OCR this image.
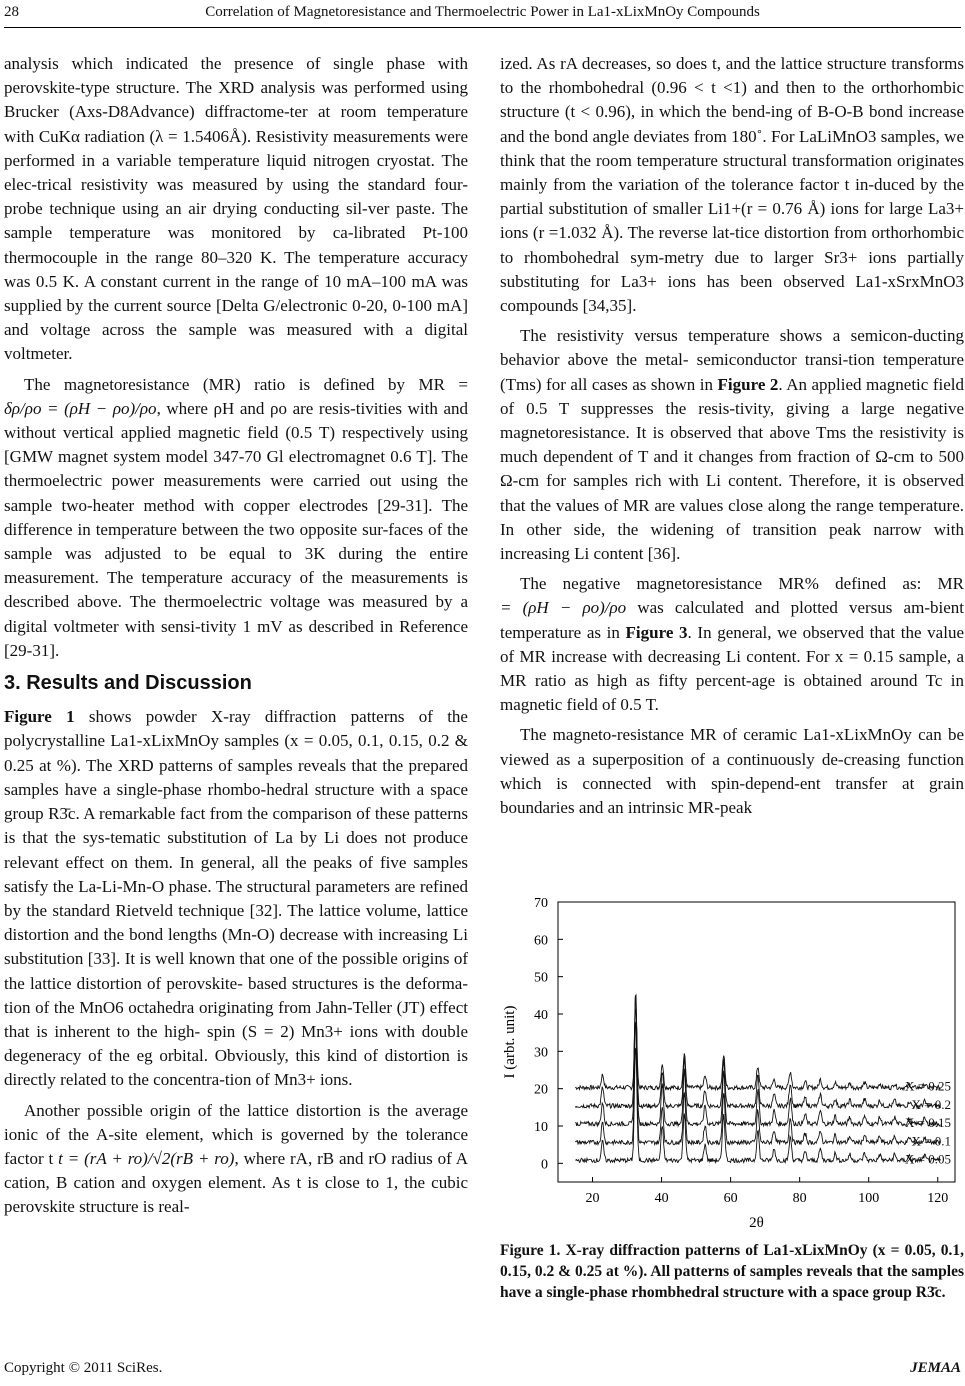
28	Correlation of Magnetoresistance and Thermoelectric Power in La1-xLixMnOy Compounds

analysis which indicated the presence of single phase with perovskite-type structure. The XRD analysis was performed using Brucker (Axs-D8Advance) diffractome-ter at room temperature with CuKα radiation (λ = 1.5406Å). Resistivity measurements were performed in a variable temperature liquid nitrogen cryostat. The elec-trical resistivity was measured by using the standard four-probe technique using an air drying conducting sil-ver paste. The sample temperature was monitored by ca-librated Pt-100 thermocouple in the range 80–320 K. The temperature accuracy was 0.5 K. A constant current in the range of 10 mA–100 mA was supplied by the current source [Delta G/electronic 0-20, 0-100 mA] and voltage across the sample was measured with a digital voltmeter.

The magnetoresistance (MR) ratio is defined by MR = δρ/ρo = (ρH − ρo)/ρo, where ρH and ρo are resis-tivities with and without vertical applied magnetic field (0.5 T) respectively using [GMW magnet system model 347-70 Gl electromagnet 0.6 T]. The thermoelectric power measurements were carried out using the sample two-heater method with copper electrodes [29-31]. The difference in temperature between the two opposite sur-faces of the sample was adjusted to be equal to 3K during the entire measurement. The temperature accuracy of the measurements is described above. The thermoelectric voltage was measured by a digital voltmeter with sensi-tivity 1 mV as described in Reference [29-31].

3. Results and Discussion

Figure 1 shows powder X-ray diffraction patterns of the polycrystalline La1-xLixMnOy samples (x = 0.05, 0.1, 0.15, 0.2 & 0.25 at %). The XRD patterns of samples reveals that the prepared samples have a single-phase rhombo-hedral structure with a space group R3̄c. A remarkable fact from the comparison of these patterns is that the sys-tematic substitution of La by Li does not produce relevant effect on them. In general, all the peaks of five samples satisfy the La-Li-Mn-O phase. The structural parameters are refined by the standard Rietveld technique [32]. The lattice volume, lattice distortion and the bond lengths (Mn-O) decrease with increasing Li substitution [33]. It is well known that one of the possible origins of the lattice distortion of perovskite- based structures is the deforma-tion of the MnO6 octahedra originating from Jahn-Teller (JT) effect that is inherent to the high- spin (S = 2) Mn3+ ions with double degeneracy of the eg orbital. Obviously, this kind of distortion is directly related to the concentra-tion of Mn3+ ions.

Another possible origin of the lattice distortion is the average ionic of the A-site element, which is governed by the tolerance factor t t = (rA + ro)/√2(rB + ro), where rA, rB and rO radius of A cation, B cation and oxygen element. As t is close to 1, the cubic perovskite structure is real-

ized. As rA decreases, so does t, and the lattice structure transforms to the rhombohedral (0.96 < t <1) and then to the orthorhombic structure (t < 0.96), in which the bend-ing of B-O-B bond increase and the bond angle deviates from 180˚. For LaLiMnO3 samples, we think that the room temperature structural transformation originates mainly from the variation of the tolerance factor t in-duced by the partial substitution of smaller Li1+(r = 0.76 Å) ions for large La3+ ions (r =1.032 Å). The reverse lat-tice distortion from orthorhombic to rhombohedral sym-metry due to larger Sr3+ ions partially substituting for La3+ ions has been observed La1-xSrxMnO3 compounds [34,35].

The resistivity versus temperature shows a semicon-ducting behavior above the metal- semiconductor transi-tion temperature (Tms) for all cases as shown in Figure 2. An applied magnetic field of 0.5 T suppresses the resis-tivity, giving a large negative magnetoresistance. It is observed that above Tms the resistivity is much dependent of T and it changes from fraction of Ω-cm to 500 Ω-cm for samples rich with Li content. Therefore, it is observed that the values of MR are values close along the range temperature. In other side, the widening of transition peak narrow with increasing Li content [36].

The negative magnetoresistance MR% defined as: MR = (ρH − ρo)/ρo was calculated and plotted versus am-bient temperature as in Figure 3. In general, we observed that the value of MR increase with decreasing Li content. For x = 0.15 sample, a MR ratio as high as fifty percent-age is obtained around Tc in magnetic field of 0.5 T.

The magneto-resistance MR of ceramic La1-xLixMnOy can be viewed as a superposition of a continuously de-creasing function which is connected with spin-depend-ent transfer at grain boundaries and an intrinsic MR-peak

0
10
20
30
40
50
60
70
20	40	60	80	100	120
2θ
I (arbt. unit)
X = 0.25
X = 0.2
X = 0.15
X = 0.1
X = 0.05
Figure 1. X-ray diffraction patterns of La1-xLixMnOy (x = 0.05, 0.1, 0.15, 0.2 & 0.25 at %). All patterns of samples reveals that the samples have a single-phase rhombhedral structure with a space group R3̄c.
Copyright © 2011 SciRes.	JEMAA
